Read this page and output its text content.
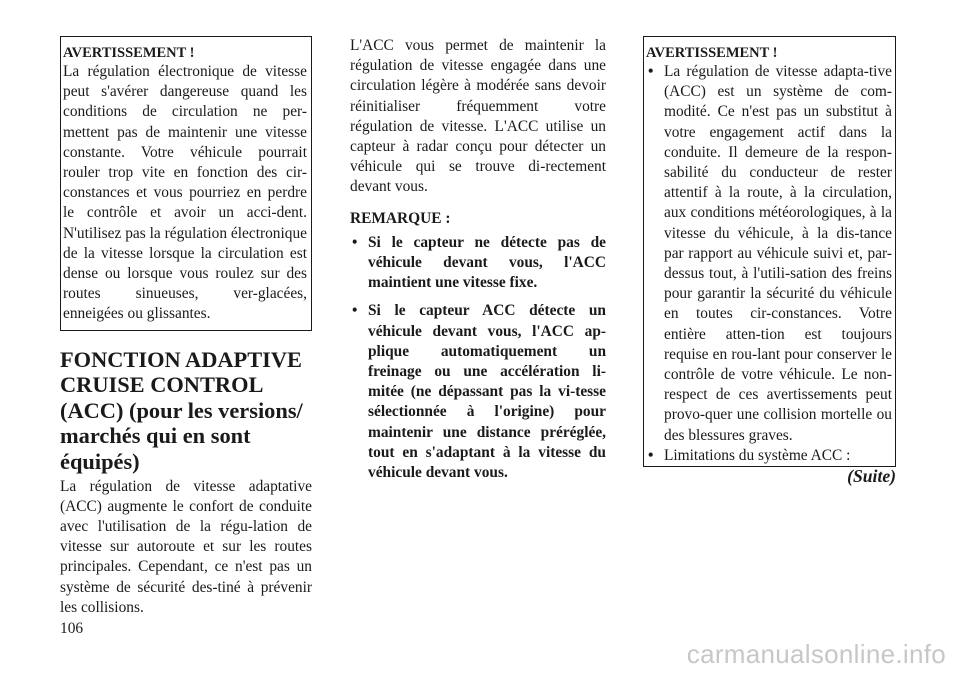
AVERTISSEMENT !

La régulation électronique de vitesse peut s'avérer dangereuse quand les conditions de circulation ne per-mettent pas de maintenir une vitesse constante. Votre véhicule pourrait rouler trop vite en fonction des cir-constances et vous pourriez en perdre le contrôle et avoir un acci-dent. N'utilisez pas la régulation électronique de la vitesse lorsque la circulation est dense ou lorsque vous roulez sur des routes sinueuses, ver-glacées, enneigées ou glissantes.

FONCTION ADAPTIVE CRUISE CONTROL (ACC) (pour les versions/ marchés qui en sont équipés)

La régulation de vitesse adaptative (ACC) augmente le confort de conduite avec l'utilisation de la régu-lation de vitesse sur autoroute et sur les routes principales. Cependant, ce n'est pas un système de sécurité des-tiné à prévenir les collisions.

L'ACC vous permet de maintenir la régulation de vitesse engagée dans une circulation légère à modérée sans devoir réinitialiser fréquemment votre régulation de vitesse. L'ACC utilise un capteur à radar conçu pour détecter un véhicule qui se trouve di-rectement devant vous.

REMARQUE :

• Si le capteur ne détecte pas de véhicule devant vous, l'ACC maintient une vitesse fixe.
• Si le capteur ACC détecte un véhicule devant vous, l'ACC ap-plique automatiquement un freinage ou une accélération li-mitée (ne dépassant pas la vi-tesse sélectionnée à l'origine) pour maintenir une distance préréglée, tout en s'adaptant à la vitesse du véhicule devant vous.
AVERTISSEMENT !
• La régulation de vitesse adapta-tive (ACC) est un système de com-modité. Ce n'est pas un substitut à votre engagement actif dans la conduite. Il demeure de la respon-sabilité du conducteur de rester attentif à la route, à la circulation, aux conditions météorologiques, à la vitesse du véhicule, à la dis-tance par rapport au véhicule suivi et, par-dessus tout, à l'utili-sation des freins pour garantir la sécurité du véhicule en toutes cir-constances. Votre entière atten-tion est toujours requise en rou-lant pour conserver le contrôle de votre véhicule. Le non-respect de ces avertissements peut provo-quer une collision mortelle ou des blessures graves.
• Limitations du système ACC :
(Suite)
106
carmanualsonline.info
